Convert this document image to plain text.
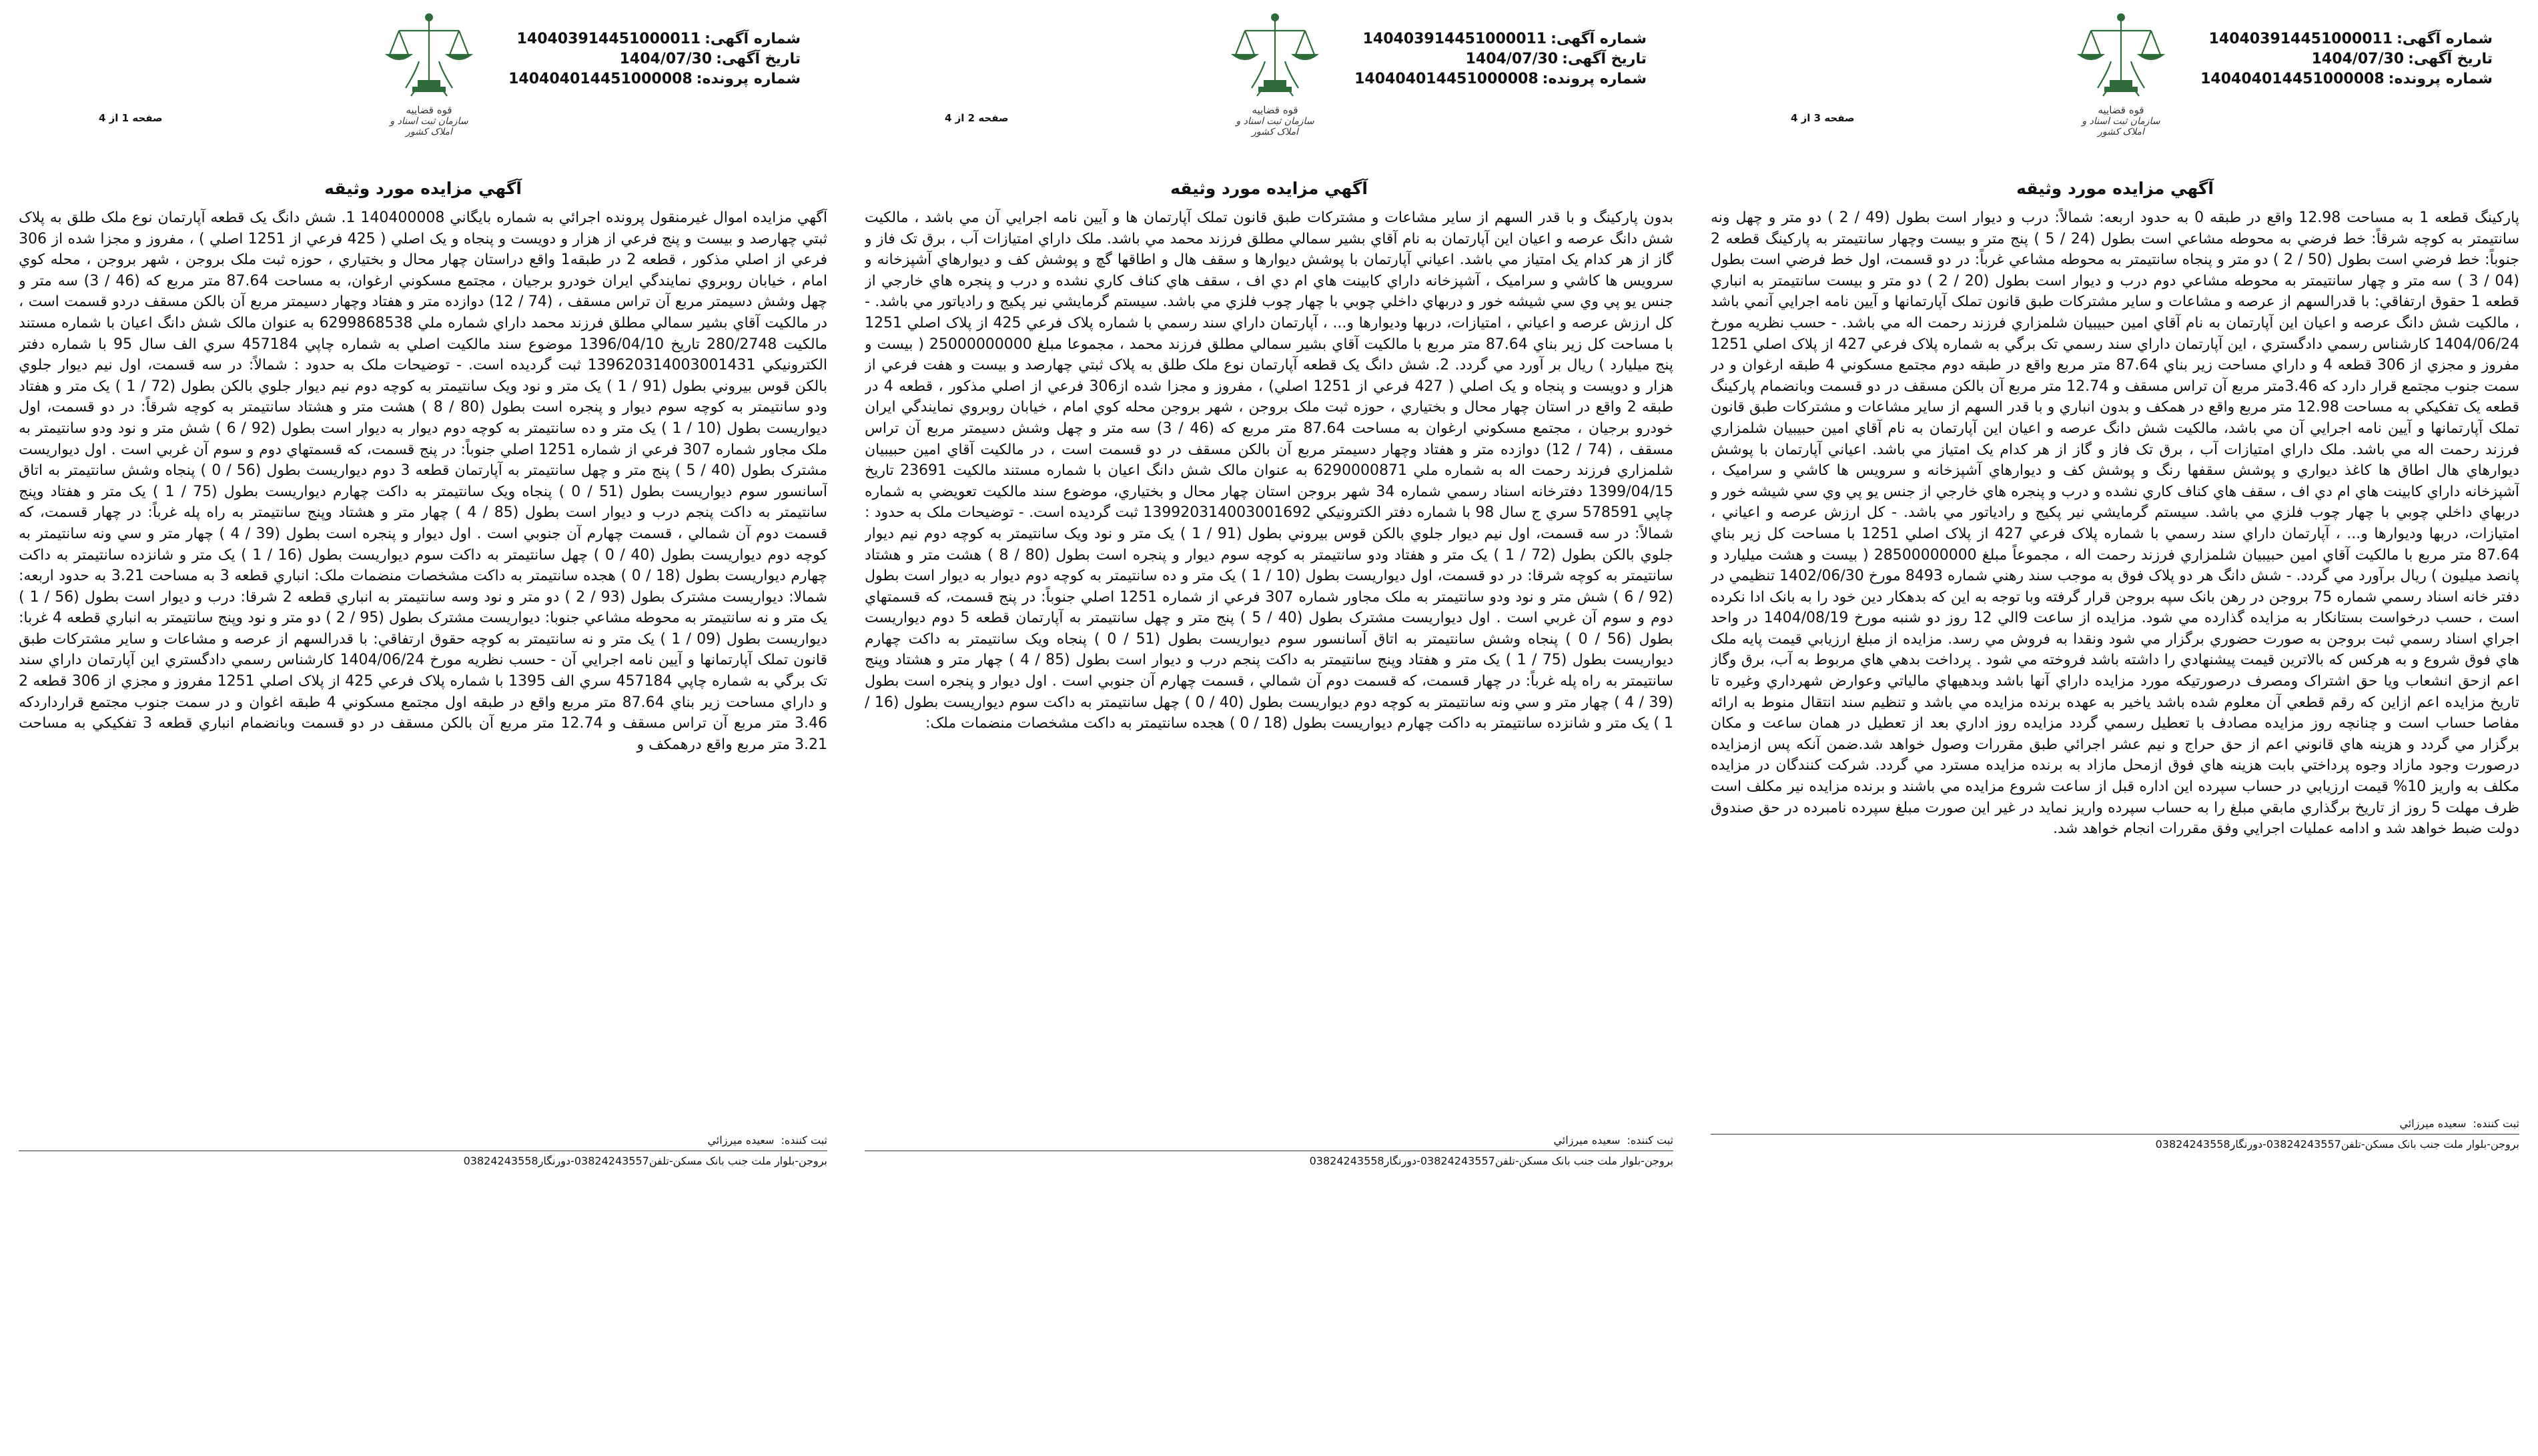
شماره آگهی:140403914451000011
تاریخ آگهی:1404/07/30
شماره پرونده:140404014451000008
قوه قضاییه
سازمان ثبت اسناد و املاک کشور
صفحه 3 از 4
آگهي مزايده مورد وثيقه

پارکينگ قطعه 1 به مساحت 12.98 واقع در طبقه 0 به حدود اربعه: شمالاً: درب و ديوار است بطول (49 / 2 ) دو متر و چهل ونه سانتيمتر به کوچه شرقاً: خط فرضي به محوطه مشاعي است بطول (24 / 5 ) پنج متر و بيست وچهار سانتيمتر به پارکينگ قطعه 2 جنوباً: خط فرضي است بطول (50 / 2 ) دو متر و پنجاه سانتيمتر به محوطه مشاعي غرباً: در دو قسمت، اول خط فرضي است بطول (04 / 3 ) سه متر و چهار سانتيمتر به محوطه مشاعي دوم درب و ديوار است بطول (20 / 2 ) دو متر و بيست سانتيمتر به انباري قطعه 1 حقوق ارتفاقي: با قدرالسهم از عرصه و مشاعات و ساير مشترکات طبق قانون تملک آپارتمانها و آيين نامه اجرايي آنمي باشد ، مالکيت شش دانگ عرصه و اعيان اين آپارتمان به نام آقاي امين حبيبيان شلمزاري فرزند رحمت اله مي باشد. - حسب نظريه مورخ 1404/06/24 کارشناس رسمي دادگستري ، اين آپارتمان داراي سند رسمي تک برگي به شماره پلاک فرعي 427 از پلاک اصلي 1251 مفروز و مجزي از 306 قطعه 4 و داراي مساحت زير بناي 87.64 متر مربع واقع در طبقه دوم مجتمع مسکوني 4 طبقه ارغوان و در سمت جنوب مجتمع قرار دارد که 3.46متر مربع آن تراس مسقف و 12.74 متر مربع آن بالکن مسقف در دو قسمت وبانضمام پارکينگ قطعه يک تفکيکي به مساحت 12.98 متر مربع واقع در همکف و بدون انباري و با قدر السهم از ساير مشاعات و مشترکات طبق قانون تملک آپارتمانها و آيين نامه اجرايي آن مي باشد، مالکيت شش دانگ عرصه و اعيان اين آپارتمان به نام آقاي امين حبيبيان شلمزاري فرزند رحمت اله مي باشد. ملک داراي امتيازات آب ، برق تک فاز و گاز از هر کدام يک امتياز مي باشد. اعياني آپارتمان با پوشش ديوارهاي هال اطاق ها کاغذ ديواري و پوشش سقفها رنگ و پوشش کف و ديوارهاي آشپزخانه و سرويس ها کاشي و سراميک ، آشپزخانه داراي کابينت هاي ام دي اف ، سقف هاي کناف کاري نشده و درب و پنجره هاي خارجي از جنس يو پي وي سي شيشه خور و دربهاي داخلي چوبي با چهار چوب فلزي مي باشد. سيستم گرمايشي نير پکيج و رادياتور مي باشد. - کل ارزش عرصه و اعياني ، امتيازات، دربها وديوارها و... ، آپارتمان داراي سند رسمي با شماره پلاک فرعي 427 از پلاک اصلي 1251 با مساحت کل زير بناي 87.64 متر مربع با مالکيت آقاي امين حبيبيان شلمزاري فرزند رحمت اله ، مجموعاً مبلغ 28500000000 ( بيست و هشت ميليارد و پانصد ميليون ) ريال برآورد مي گردد. - شش دانگ هر دو پلاک فوق به موجب سند رهني شماره 8493 مورخ 1402/06/30 تنظيمي در دفتر خانه اسناد رسمي شماره 75 بروجن در رهن بانک سپه بروجن قرار گرفته وبا توجه به اين که بدهکار دين خود را به بانک ادا نکرده است ، حسب درخواست بستانکار به مزايده گذارده مي شود. مزايده از ساعت 9الي 12 روز دو شنبه مورخ 1404/08/19 در واحد اجراي اسناد رسمي ثبت بروجن به صورت حضوري برگزار مي شود ونقدا به فروش مي رسد. مزايده از مبلغ ارزيابي قيمت پايه ملک هاي فوق شروع و به هرکس که بالاترين قيمت پيشنهادي را داشته باشد فروخته مي شود . پرداخت بدهي هاي مربوط به آب، برق وگاز اعم ازحق انشعاب ويا حق اشتراک ومصرف درصورتيکه مورد مزايده داراي آنها باشد وبدهيهاي مالياتي وعوارض شهرداري وغيره تا تاريخ مزايده اعم ازاين که رقم قطعي آن معلوم شده باشد ياخير به عهده برنده مزايده مي باشد و تنظيم سند انتقال منوط به ارائه مفاصا حساب است و چنانچه روز مزايده مصادف با تعطيل رسمي گردد مزايده روز اداري بعد از تعطيل در همان ساعت و مکان برگزار مي گردد و هزينه هاي قانوني اعم از حق حراج و نيم عشر اجرائي طبق مقررات وصول خواهد شد.ضمن آنکه پس ازمزايده درصورت وجود مازاد وجوه پرداختي بابت هزينه هاي فوق ازمحل مازاد به برنده مزايده مسترد مي گردد. شرکت کنندگان در مزايده مکلف به واريز 10% قيمت ارزيابي در حساب سپرده اين اداره قبل از ساعت شروع مزايده مي باشند و برنده مزايده نير مکلف است ظرف مهلت 5 روز از تاريخ برگذاري مابقي مبلغ را به حساب سپرده واريز نمايد در غير اين صورت مبلغ سپرده نامبرده در حق صندوق دولت ضبط خواهد شد و ادامه عمليات اجرايي وفق مقررات انجام خواهد شد.

ثبت کننده:
سعيده ميرزائي
بروجن-بلوار ملت جنب بانک مسکن-تلفن03824243557-دورنگار03824243558
شماره آگهی:140403914451000011
تاریخ آگهی:1404/07/30
شماره پرونده:140404014451000008
قوه قضاییه
سازمان ثبت اسناد و املاک کشور
صفحه 2 از 4
آگهي مزايده مورد وثيقه

بدون پارکينگ و با قدر السهم از ساير مشاعات و مشترکات طبق قانون تملک آپارتمان ها و آيين نامه اجرايي آن مي باشد ، مالکيت شش دانگ عرصه و اعيان اين آپارتمان به نام آقاي بشير سمالي مطلق فرزند محمد مي باشد. ملک داراي امتيازات آب ، برق تک فاز و گاز از هر کدام يک امتياز مي باشد. اعياني آپارتمان با پوشش ديوارها و سقف هال و اطاقها گچ و پوشش کف و ديوارهاي آشپزخانه و سرويس ها کاشي و سراميک ، آشپزخانه داراي کابينت هاي ام دي اف ، سقف هاي کناف کاري نشده و درب و پنجره هاي خارجي از جنس يو پي وي سي شيشه خور و دربهاي داخلي چوبي با چهار چوب فلزي مي باشد. سيستم گرمايشي نير پکيج و رادياتور مي باشد. - کل ارزش عرصه و اعياني ، امتيازات، دربها وديوارها و... ، آپارتمان داراي سند رسمي با شماره پلاک فرعي 425 از پلاک اصلي 1251 با مساحت کل زير بناي 87.64 متر مربع با مالکيت آقاي بشير سمالي مطلق فرزند محمد ، مجموعا مبلغ 25000000000 ( بيست و پنج ميليارد ) ريال بر آورد مي گردد. 2. شش دانگ يک قطعه آپارتمان نوع ملک طلق به پلاک ثبتي چهارصد و بيست و هفت فرعي از هزار و دويست و پنجاه و يک اصلي ( 427 فرعي از 1251 اصلي) ، مفروز و مجزا شده از306 فرعي از اصلي مذکور ، قطعه 4 در طبقه 2 واقع در استان چهار محال و بختياري ، حوزه ثبت ملک بروجن ، شهر بروجن محله کوي امام ، خيابان روبروي نمايندگي ايران خودرو برجيان ، مجتمع مسکوني ارغوان به مساحت 87.64 متر مربع که (46 / 3) سه متر و چهل وشش دسيمتر مربع آن تراس مسقف ، (74 / 12) دوازده متر و هفتاد وچهار دسيمتر مربع آن بالکن مسقف در دو قسمت است ، در مالکيت آقاي امين حبيبيان شلمزاري فرزند رحمت اله به شماره ملي 6290000871 به عنوان مالک شش دانگ اعيان با شماره مستند مالکيت 23691 تاريخ 1399/04/15 دفترخانه اسناد رسمي شماره 34 شهر بروجن استان چهار محال و بختياري، موضوع سند مالکيت تعويضي به شماره چاپي 578591 سري ج سال 98 با شماره دفتر الکترونيکي 139920314003001692 ثبت گرديده است. - توضيحات ملک به حدود : شمالاً: در سه قسمت، اول نيم ديوار جلوي بالکن قوس بيروني بطول (91 / 1 ) يک متر و نود ويک سانتيمتر به کوچه دوم نيم ديوار جلوي بالکن بطول (72 / 1 ) يک متر و هفتاد ودو سانتيمتر به کوچه سوم ديوار و پنجره است بطول (80 / 8 ) هشت متر و هشتاد سانتيمتر به کوچه شرقا: در دو قسمت، اول ديواريست بطول (10 / 1 ) يک متر و ده سانتيمتر به کوچه دوم ديوار به ديوار است بطول (92 / 6 ) شش متر و نود ودو سانتيمتر به ملک مجاور شماره 307 فرعي از شماره 1251 اصلي جنوباً: در پنج قسمت، که قسمتهاي دوم و سوم آن غربي است . اول ديواريست مشترک بطول (40 / 5 ) پنج متر و چهل سانتيمتر به آپارتمان قطعه 5 دوم ديواريست بطول (56 / 0 ) پنجاه وشش سانتيمتر به اتاق آسانسور سوم ديواريست بطول (51 / 0 ) پنجاه ويک سانتيمتر به داکت چهارم ديواريست بطول (75 / 1 ) يک متر و هفتاد وپنج سانتيمتر به داکت پنجم درب و ديوار است بطول (85 / 4 ) چهار متر و هشتاد وپنج سانتيمتر به راه پله غرباً: در چهار قسمت، که قسمت دوم آن شمالي ، قسمت چهارم آن جنوبي است . اول ديوار و پنجره است بطول (39 / 4 ) چهار متر و سي ونه سانتيمتر به کوچه دوم ديواريست بطول (40 / 0 ) چهل سانتيمتر به داکت سوم ديواريست بطول (16 / 1 ) يک متر و شانزده سانتيمتر به داکت چهارم ديواريست بطول (18 / 0 ) هجده سانتيمتر به داکت مشخصات منضمات ملک:

ثبت کننده:
سعيده ميرزائي
بروجن-بلوار ملت جنب بانک مسکن-تلفن03824243557-دورنگار03824243558
شماره آگهی:140403914451000011
تاریخ آگهی:1404/07/30
شماره پرونده:140404014451000008
قوه قضاییه
سازمان ثبت اسناد و املاک کشور
صفحه 1 از 4
آگهي مزايده مورد وثيقه

آگهي مزايده اموال غيرمنقول پرونده اجرائي به شماره بايگاني 140400008 1. شش دانگ يک قطعه آپارتمان نوع ملک طلق به پلاک ثبتي چهارصد و بيست و پنج فرعي از هزار و دويست و پنجاه و يک اصلي ( 425 فرعي از 1251 اصلي ) ، مفروز و مجزا شده از 306 فرعي از اصلي مذکور ، قطعه 2 در طبقه1 واقع دراستان چهار محال و بختياري ، حوزه ثبت ملک بروجن ، شهر بروجن ، محله کوي امام ، خيابان روبروي نمايندگي ايران خودرو برجيان ، مجتمع مسکوني ارغوان، به مساحت 87.64 متر مربع که (46 / 3) سه متر و چهل وشش دسيمتر مربع آن تراس مسقف ، (74 / 12) دوازده متر و هفتاد وچهار دسيمتر مربع آن بالکن مسقف دردو قسمت است ، در مالکيت آقاي بشير سمالي مطلق فرزند محمد داراي شماره ملي 6299868538 به عنوان مالک شش دانگ اعيان با شماره مستند مالکيت 280/2748 تاريخ 1396/04/10 موضوع سند مالکيت اصلي به شماره چاپي 457184 سري الف سال 95 با شماره دفتر الکترونيکي 139620314003001431 ثبت گرديده است. - توضيحات ملک به حدود : شمالاً: در سه قسمت، اول نيم ديوار جلوي بالکن قوس بيروني بطول (91 / 1 ) يک متر و نود ويک سانتيمتر به کوچه دوم نيم ديوار جلوي بالکن بطول (72 / 1 ) يک متر و هفتاد ودو سانتيمتر به کوچه سوم ديوار و پنجره است بطول (80 / 8 ) هشت متر و هشتاد سانتيمتر به کوچه شرقاً: در دو قسمت، اول ديواريست بطول (10 / 1 ) يک متر و ده سانتيمتر به کوچه دوم ديوار به ديوار است بطول (92 / 6 ) شش متر و نود ودو سانتيمتر به ملک مجاور شماره 307 فرعي از شماره 1251 اصلي جنوباً: در پنج قسمت، که قسمتهاي دوم و سوم آن غربي است . اول ديواريست مشترک بطول (40 / 5 ) پنج متر و چهل سانتيمتر به آپارتمان قطعه 3 دوم ديواريست بطول (56 / 0 ) پنجاه وشش سانتيمتر به اتاق آسانسور سوم ديواريست بطول (51 / 0 ) پنجاه ويک سانتيمتر به داکت چهارم ديواريست بطول (75 / 1 ) يک متر و هفتاد وپنج سانتيمتر به داکت پنجم درب و ديوار است بطول (85 / 4 ) چهار متر و هشتاد وپنج سانتيمتر به راه پله غرباً: در چهار قسمت، که قسمت دوم آن شمالي ، قسمت چهارم آن جنوبي است . اول ديوار و پنجره است بطول (39 / 4 ) چهار متر و سي ونه سانتيمتر به کوچه دوم ديواريست بطول (40 / 0 ) چهل سانتيمتر به داکت سوم ديواريست بطول (16 / 1 ) يک متر و شانزده سانتيمتر به داکت چهارم ديواريست بطول (18 / 0 ) هجده سانتيمتر به داکت مشخصات منضمات ملک: انباري قطعه 3 به مساحت 3.21 به حدود اربعه: شمالا: ديواريست مشترک بطول (93 / 2 ) دو متر و نود وسه سانتيمتر به انباري قطعه 2 شرقا: درب و ديوار است بطول (56 / 1 ) يک متر و نه سانتيمتر به محوطه مشاعي جنوبا: ديواريست مشترک بطول (95 / 2 ) دو متر و نود وپنج سانتيمتر به انباري قطعه 4 غربا: ديواريست بطول (09 / 1 ) يک متر و نه سانتيمتر به کوچه حقوق ارتفاقي: با قدرالسهم از عرصه و مشاعات و ساير مشترکات طبق قانون تملک آپارتمانها و آيين نامه اجرايي آن - حسب نظريه مورخ 1404/06/24 کارشناس رسمي دادگستري اين آپارتمان داراي سند تک برگي به شماره چاپي 457184 سري الف 1395 با شماره پلاک فرعي 425 از پلاک اصلي 1251 مفروز و مجزي از 306 قطعه 2 و داراي مساحت زير بناي 87.64 متر مربع واقع در طبقه اول مجتمع مسکوني 4 طبقه اغوان و در سمت جنوب مجتمع قرارداردکه 3.46 متر مربع آن تراس مسقف و 12.74 متر مربع آن بالکن مسقف در دو قسمت وبانضمام انباري قطعه 3 تفکيکي به مساحت 3.21 متر مربع واقع درهمکف و

ثبت کننده:
سعيده ميرزائي
بروجن-بلوار ملت جنب بانک مسکن-تلفن03824243557-دورنگار03824243558
